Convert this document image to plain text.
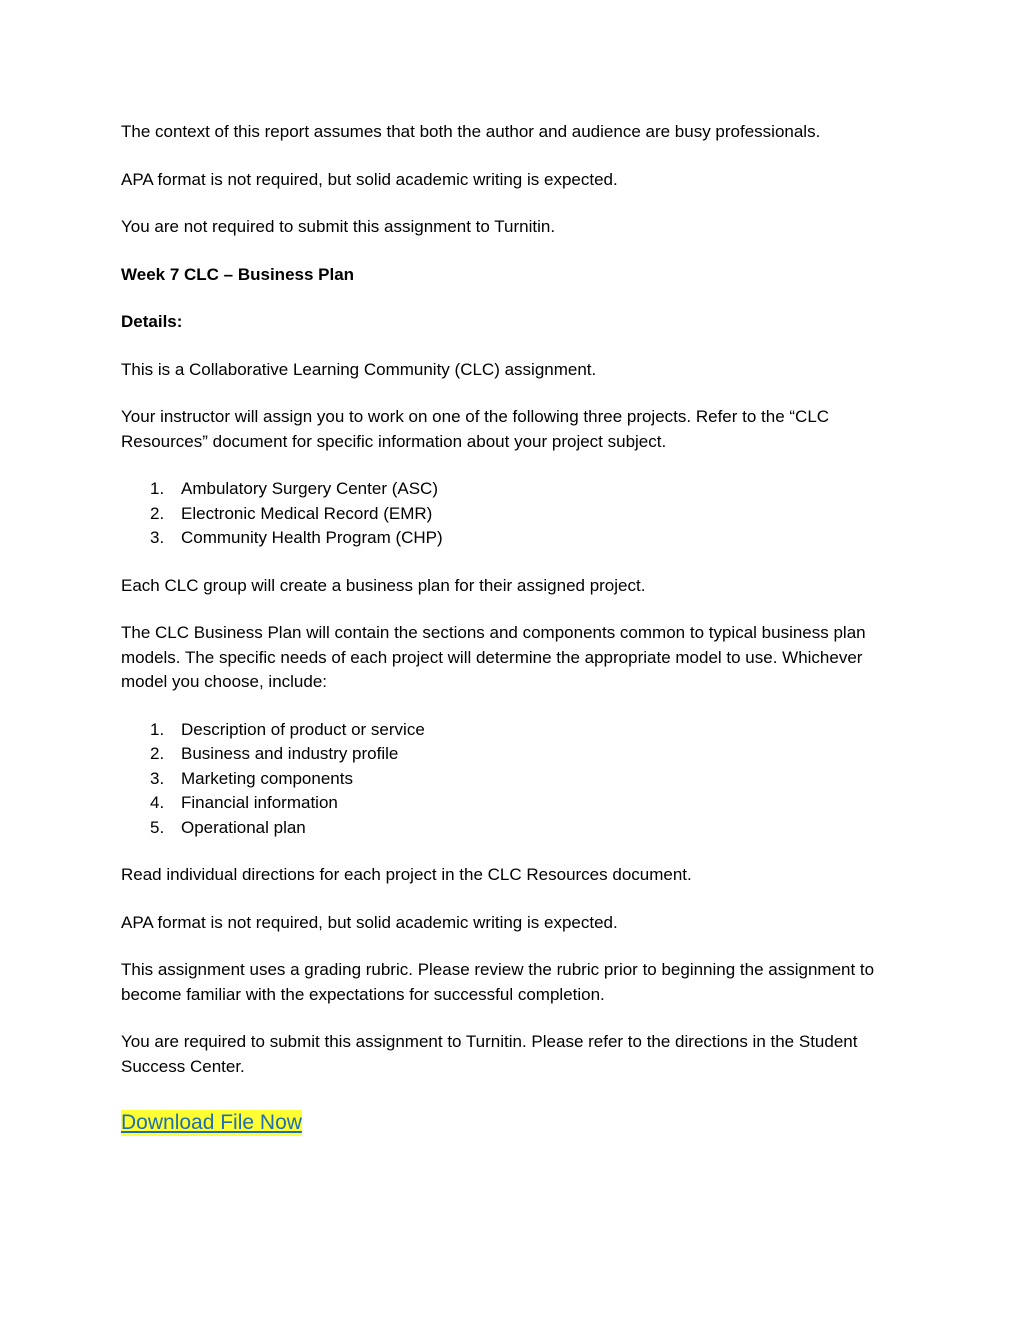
The context of this report assumes that both the author and audience are busy professionals.

APA format is not required, but solid academic writing is expected.

You are not required to submit this assignment to Turnitin.

Week 7 CLC – Business Plan

Details:

This is a Collaborative Learning Community (CLC) assignment.

Your instructor will assign you to work on one of the following three projects. Refer to the “CLC Resources” document for specific information about your project subject.

1. Ambulatory Surgery Center (ASC)
2. Electronic Medical Record (EMR)
3. Community Health Program (CHP)

Each CLC group will create a business plan for their assigned project.

The CLC Business Plan will contain the sections and components common to typical business plan models. The specific needs of each project will determine the appropriate model to use. Whichever model you choose, include:

1. Description of product or service
2. Business and industry profile
3. Marketing components
4. Financial information
5. Operational plan

Read individual directions for each project in the CLC Resources document.

APA format is not required, but solid academic writing is expected.

This assignment uses a grading rubric. Please review the rubric prior to beginning the assignment to become familiar with the expectations for successful completion.

You are required to submit this assignment to Turnitin. Please refer to the directions in the Student Success Center.

Download File Now
